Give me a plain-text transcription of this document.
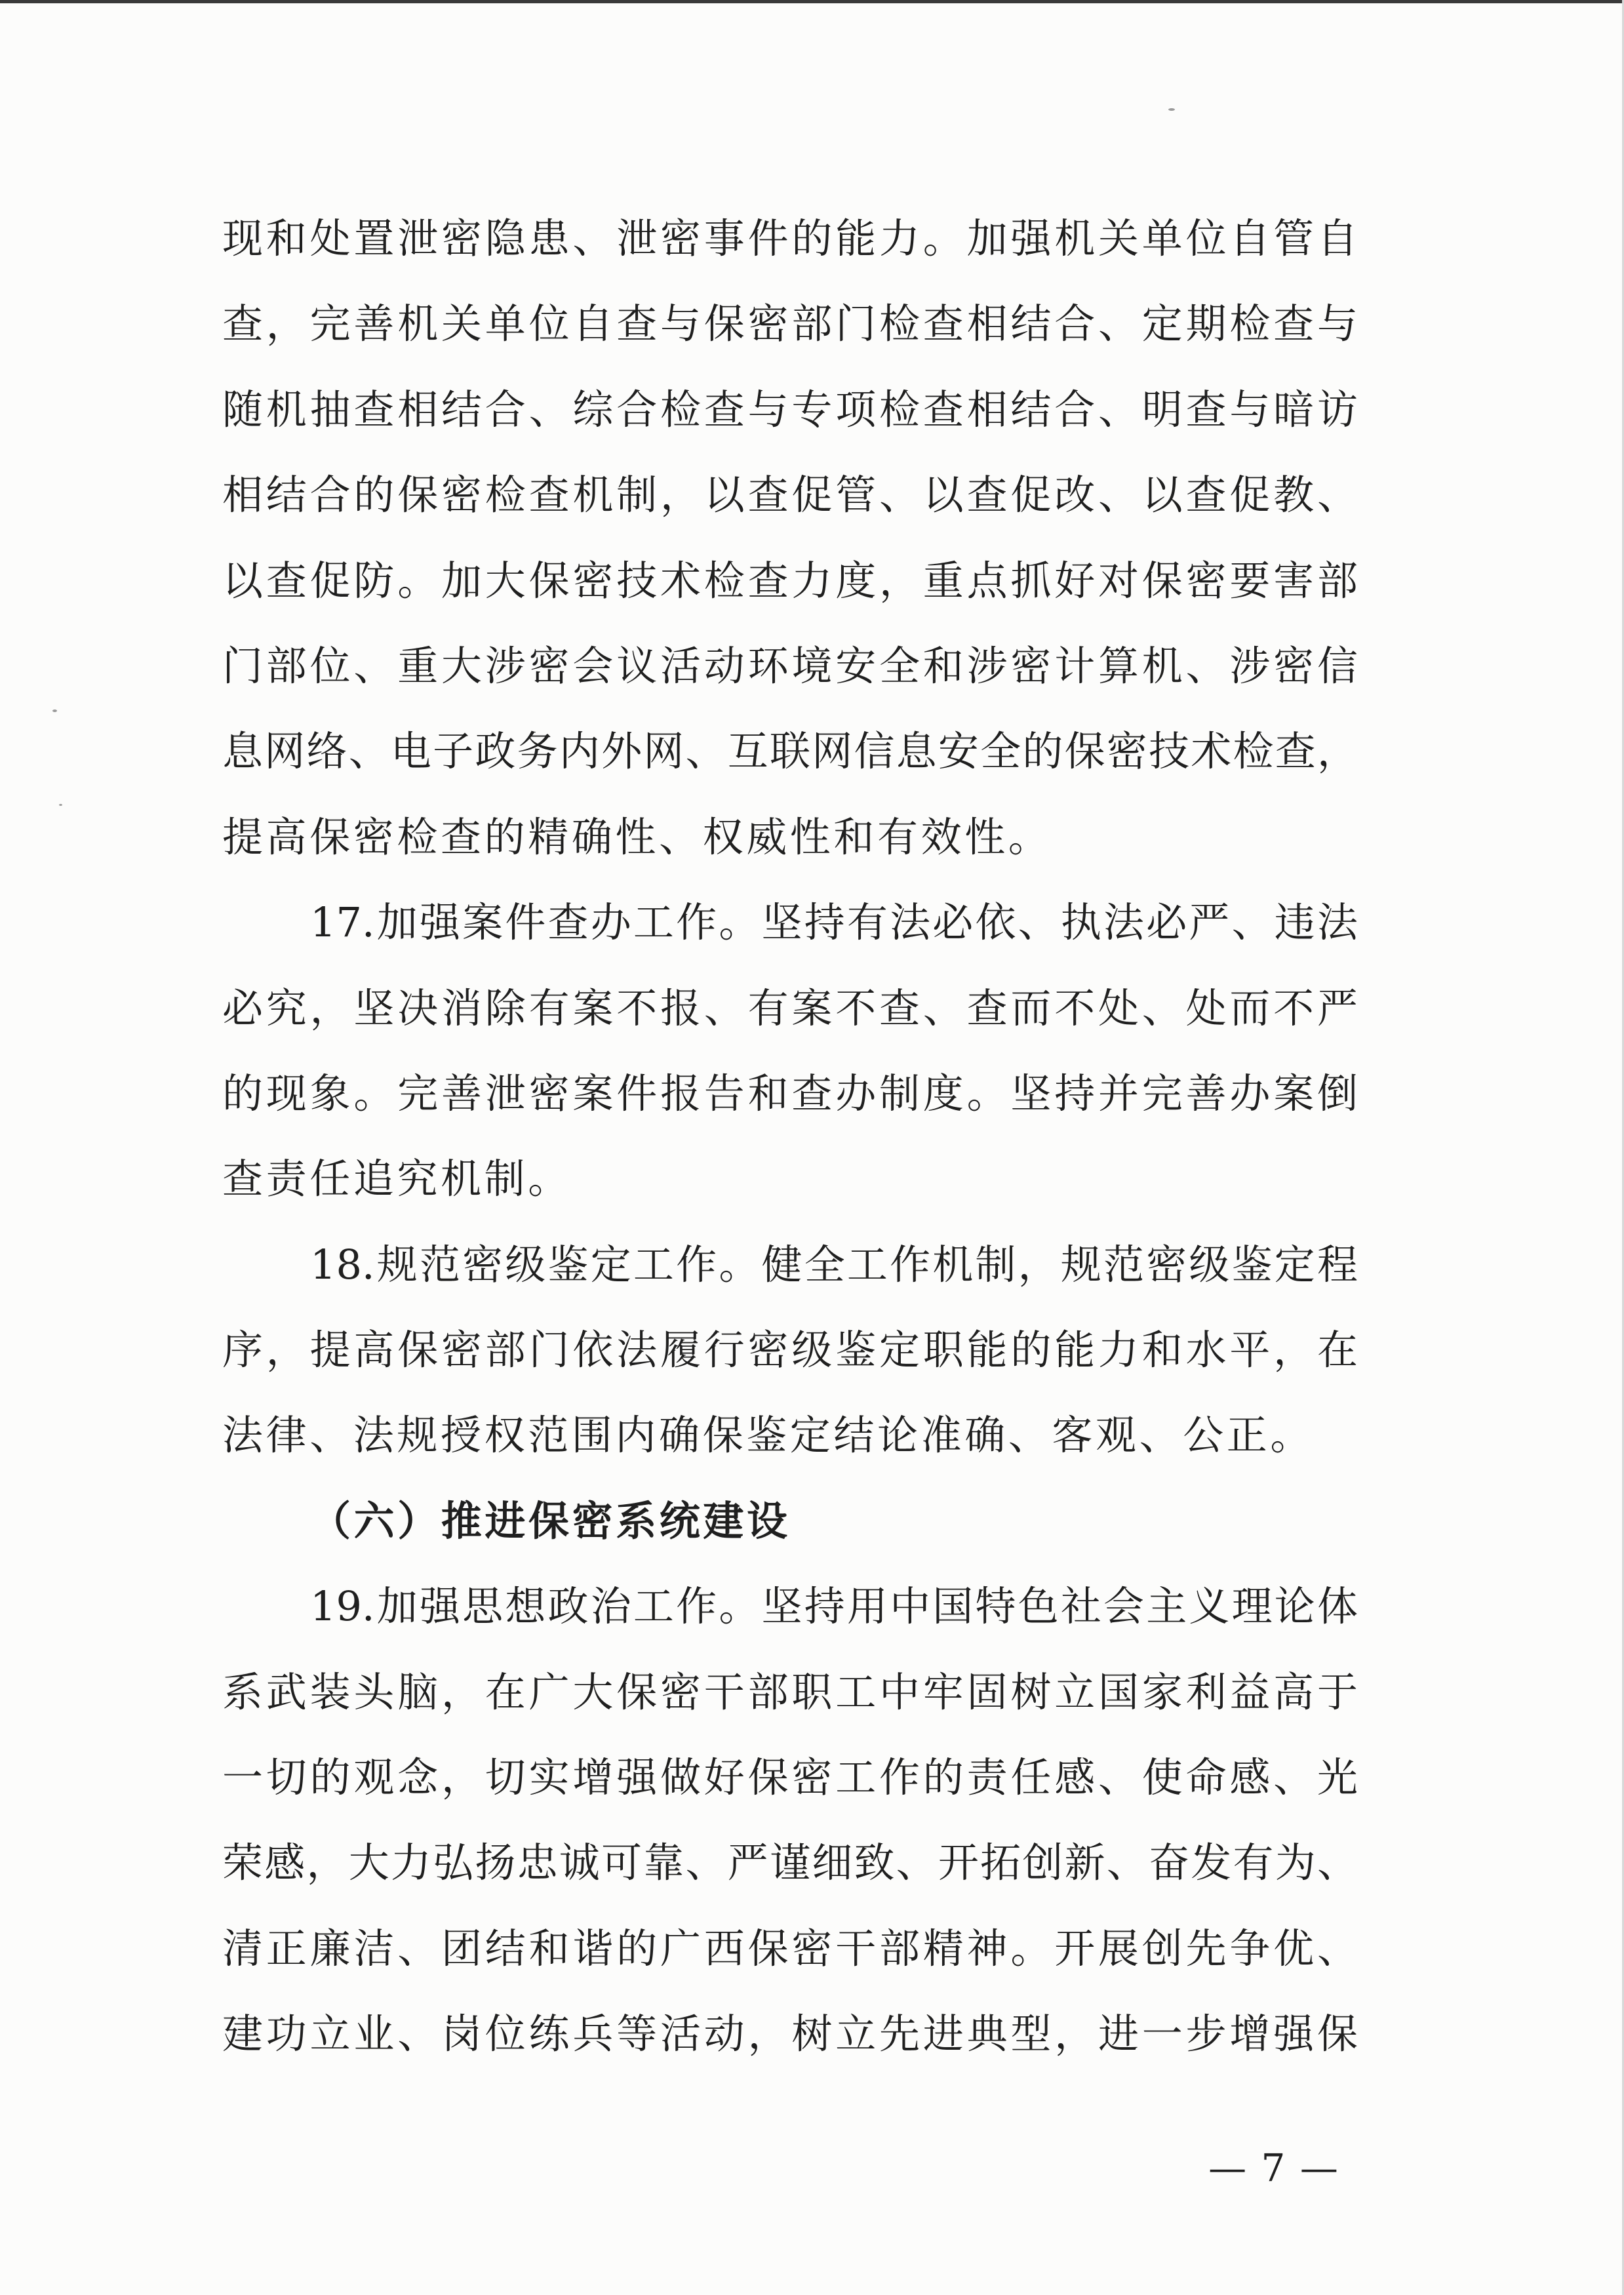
现和处置泄密隐患、泄密事件的能力。加强机关单位自管自
查，完善机关单位自查与保密部门检查相结合、定期检查与
随机抽查相结合、综合检查与专项检查相结合、明查与暗访
相结合的保密检查机制，以查促管、以查促改、以查促教、
以查促防。加大保密技术检查力度，重点抓好对保密要害部
门部位、重大涉密会议活动环境安全和涉密计算机、涉密信
息网络、电子政务内外网、互联网信息安全的保密技术检查，
提高保密检查的精确性、权威性和有效性。
17.加强案件查办工作。坚持有法必依、执法必严、违法
必究，坚决消除有案不报、有案不查、查而不处、处而不严
的现象。完善泄密案件报告和查办制度。坚持并完善办案倒
查责任追究机制。
18.规范密级鉴定工作。健全工作机制，规范密级鉴定程
序，提高保密部门依法履行密级鉴定职能的能力和水平，在
法律、法规授权范围内确保鉴定结论准确、客观、公正。
（六）推进保密系统建设
19.加强思想政治工作。坚持用中国特色社会主义理论体
系武装头脑，在广大保密干部职工中牢固树立国家利益高于
一切的观念，切实增强做好保密工作的责任感、使命感、光
荣感，大力弘扬忠诚可靠、严谨细致、开拓创新、奋发有为、
清正廉洁、团结和谐的广西保密干部精神。开展创先争优、
建功立业、岗位练兵等活动，树立先进典型，进一步增强保
— 7 —
